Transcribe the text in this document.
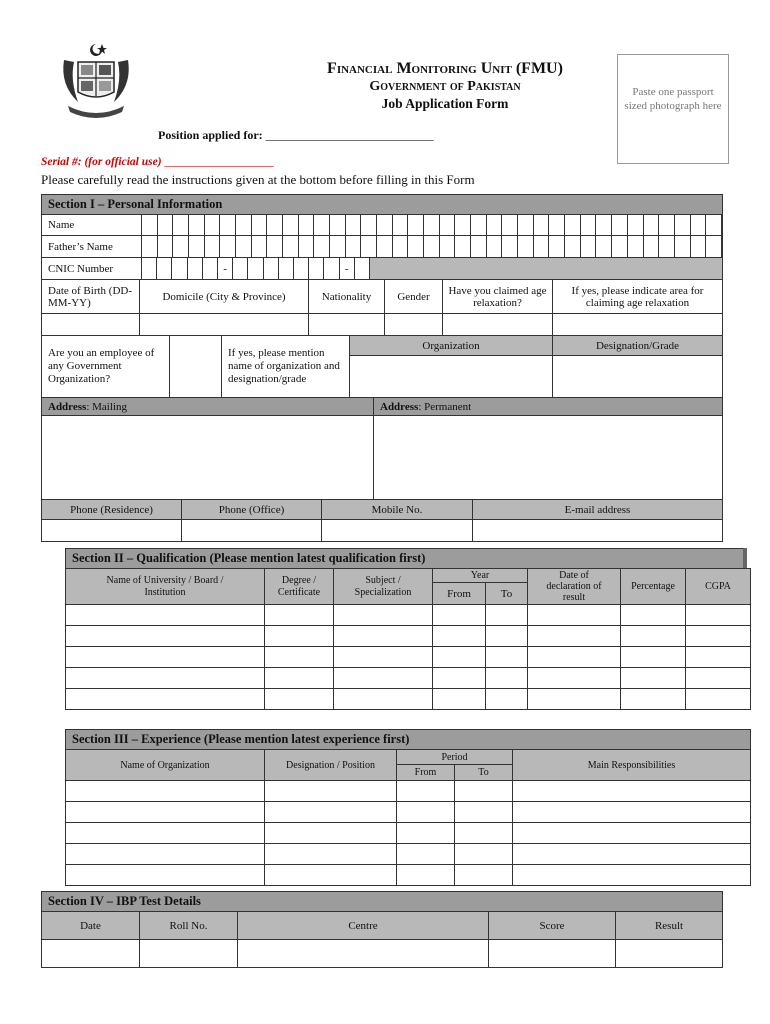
Financial Monitoring Unit (FMU)
Government of Pakistan
Job Application Form
Paste one passport sized photograph here
Position applied for: ____________________________
Serial #: (for official use) ___________________
Please carefully read the instructions given at the bottom before filling in this Form
Section I – Personal Information
Name	

Father’s Name	

CNIC Number	- -
Date of Birth (DD-MM-YY)	Domicile (City & Province)	Nationality	Gender	Have you claimed age relaxation?	If yes, please indicate area for claiming age relaxation

Are you an employee of any Government Organization?		If yes, please mention name of organization and designation/grade	Organization	Designation/Grade

Address: Mailing	Address: Permanent

Phone (Residence)	Phone (Office)	Mobile No.	E-mail address

Section II – Qualification (Please mention latest qualification first)
Name of University / Board / Institution	Degree / Certificate	Subject / Specialization	Year		Date of declaration of result	Percentage	CGPA
			From	To			

Section III – Experience (Please mention latest experience first)
Name of Organization	Designation / Position	Period		Main Responsibilities
		From	To	

Section IV – IBP Test Details
Date	Roll No.	Centre	Score	Result
